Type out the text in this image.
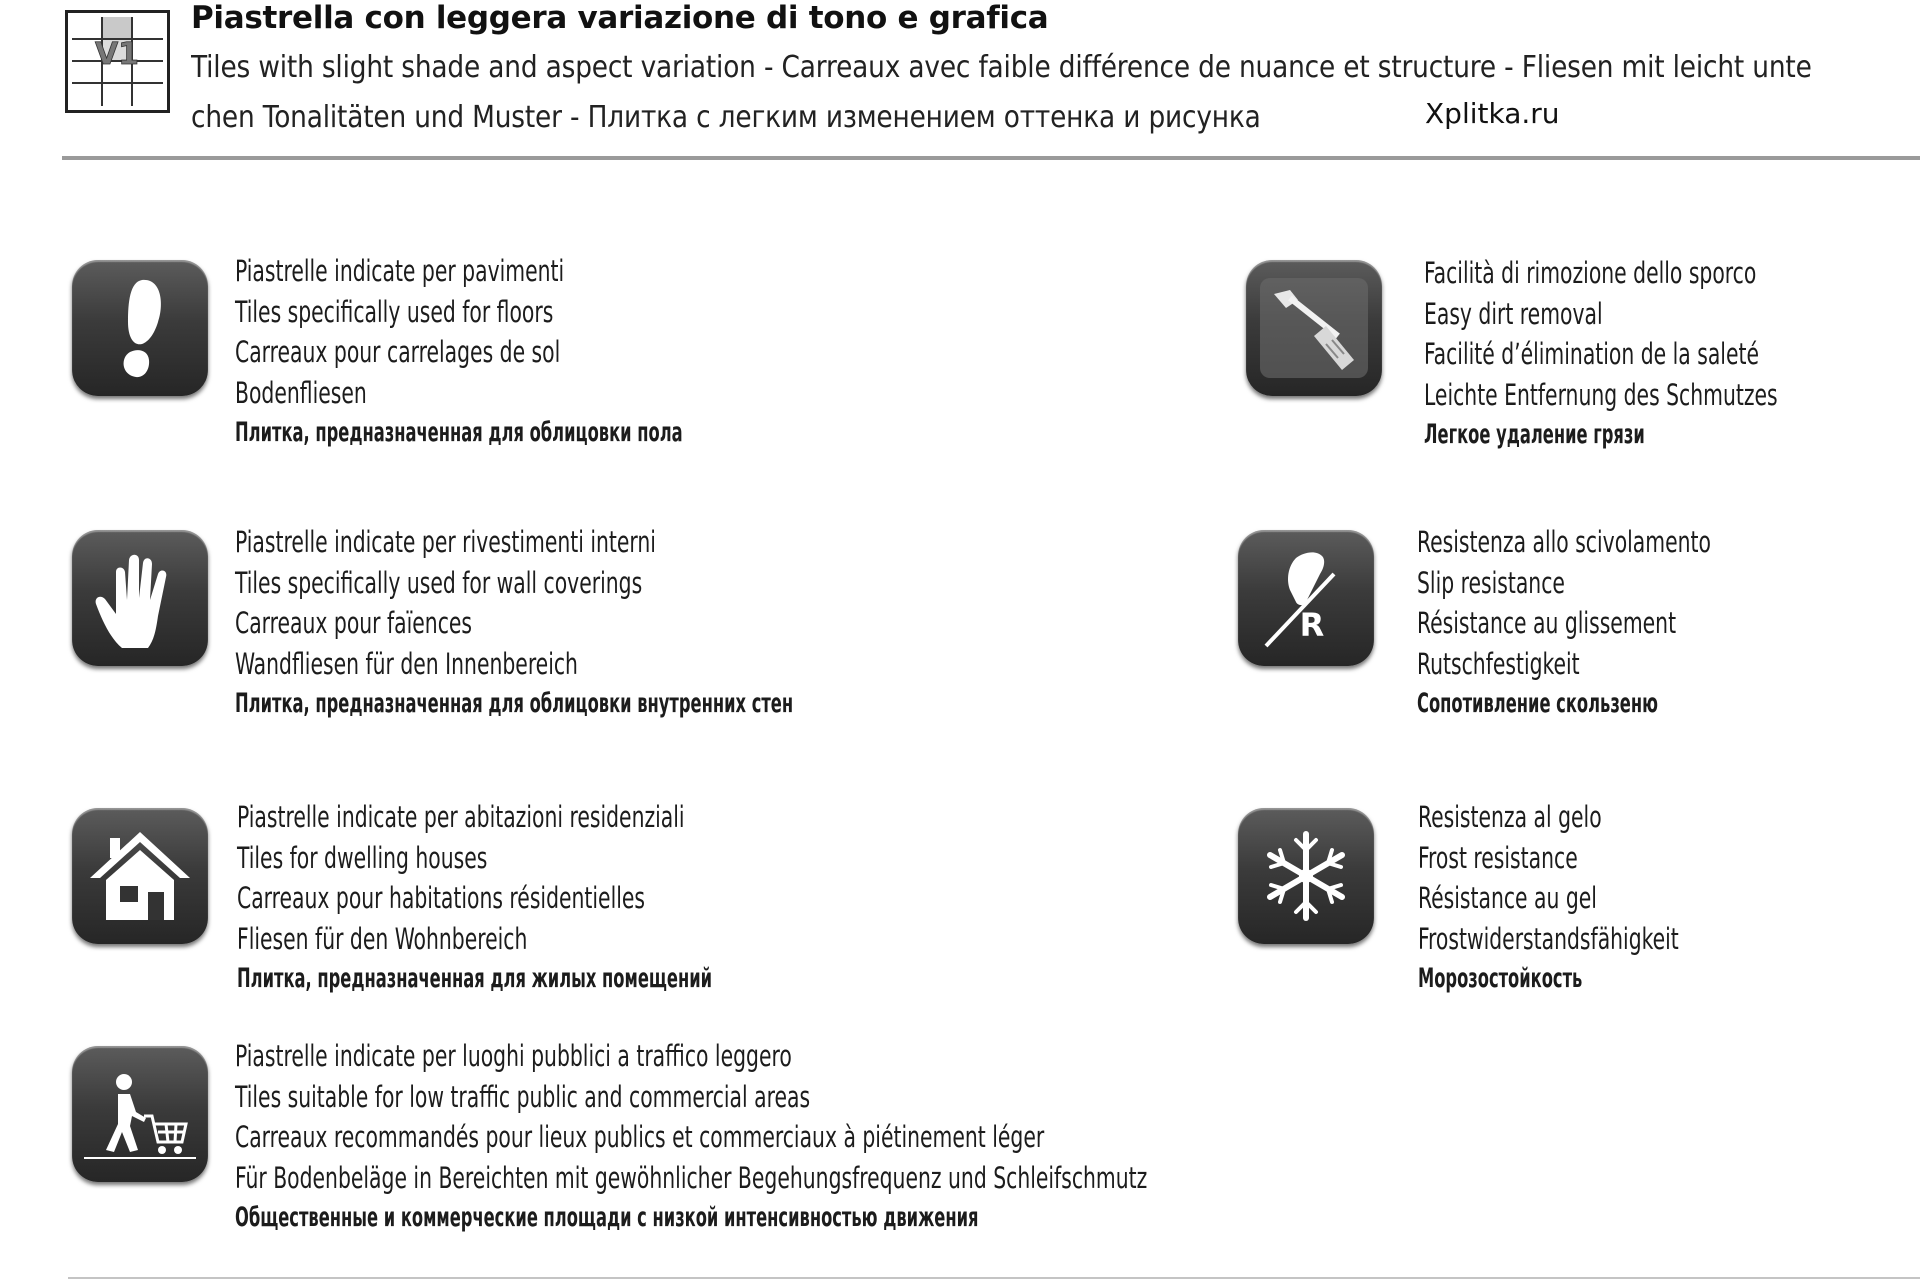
V1
Piastrella con leggera variazione di tono e grafica
Tiles with slight shade and aspect variation - Carreaux avec faible différence de nuance et structure - Fliesen mit leicht unte
chen Tonalitäten und Muster - Плитка с легким изменением оттенка и рисунка	Xplitka.ru
Piastrelle indicate per pavimenti
Tiles specifically used for floors
Carreaux pour carrelages de sol
Bodenfliesen
Плитка, предназначенная для облицовки пола
Piastrelle indicate per rivestimenti interni
Tiles specifically used for wall coverings
Carreaux pour faïences
Wandfliesen für den Innenbereich
Плитка, предназначенная для облицовки внутренних стен
Piastrelle indicate per abitazioni residenziali
Tiles for dwelling houses
Carreaux pour habitations résidentielles
Fliesen für den Wohnbereich
Плитка, предназначенная для жилых помещений
Piastrelle indicate per luoghi pubblici a traffico leggero
Tiles suitable for low traffic public and commercial areas
Carreaux recommandés pour lieux publics et commerciaux à piétinement léger
Für Bodenbeläge in Bereichten mit gewöhnlicher Begehungsfrequenz und Schleifschmutz
Общественные и коммерческие площади с низкой интенсивностью движения
Facilità di rimozione dello sporco
Easy dirt removal
Facilité d’élimination de la saleté
Leichte Entfernung des Schmutzes
Легкое удаление грязи
R
Resistenza allo scivolamento
Slip resistance
Résistance au glissement
Rutschfestigkeit
Сопотивление скользеню
Resistenza al gelo
Frost resistance
Résistance au gel
Frostwiderstandsfähigkeit
Морозостойкость
